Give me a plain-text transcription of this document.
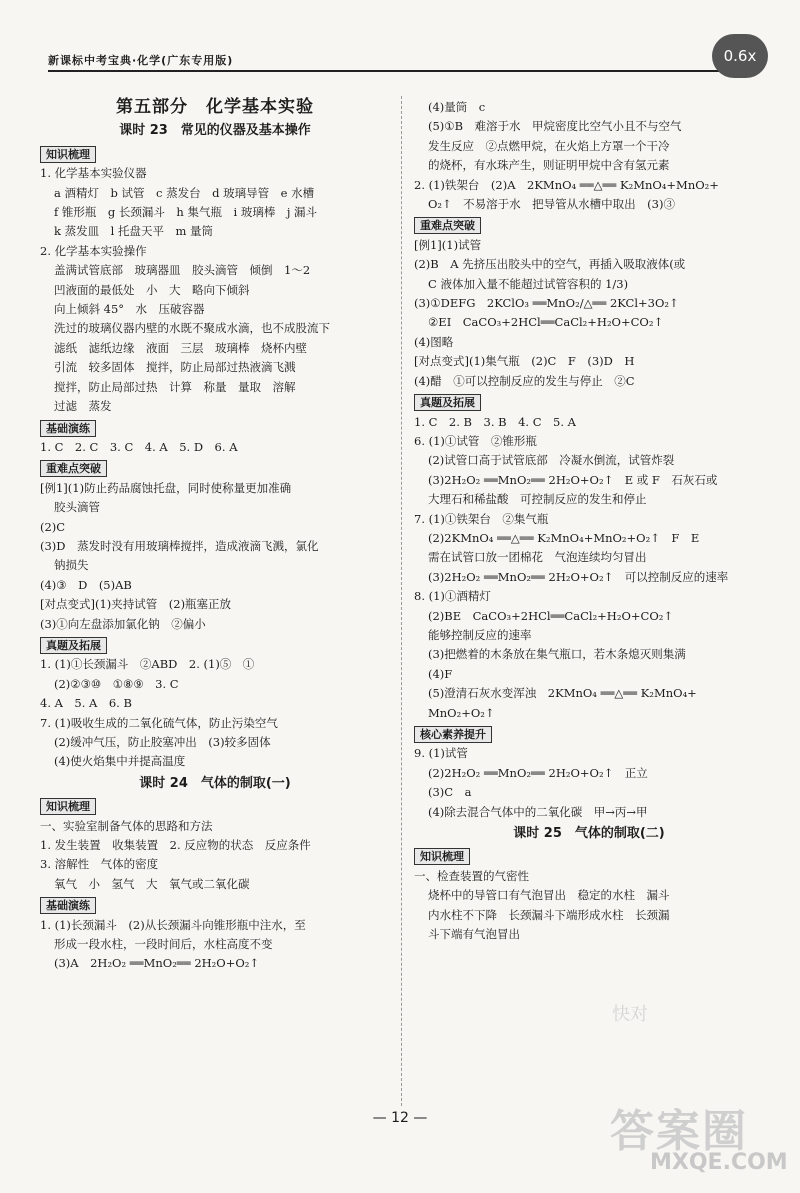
新课标中考宝典·化学(广东专用版)	0.6x
第五部分　化学基本实验
课时 23　常见的仪器及基本操作
知识梳理
1. 化学基本实验仪器
a 酒精灯　b 试管　c 蒸发台　d 玻璃导管　e 水槽
f 锥形瓶　g 长颈漏斗　h 集气瓶　i 玻璃棒　j 漏斗
k 蒸发皿　l 托盘天平　m 量筒
2. 化学基本实验操作
盖满试管底部　玻璃器皿　胶头滴管　倾倒　1～2
凹液面的最低处　小　大　略向下倾斜
向上倾斜 45°　水　压破容器
洗过的玻璃仪器内壁的水既不聚成水滴，也不成股流下
滤纸　滤纸边缘　液面　三层　玻璃棒　烧杯内壁
引流　较多固体　搅拌，防止局部过热液滴飞溅
搅拌，防止局部过热　计算　称量　量取　溶解
过滤　蒸发
基础演练
1. C　2. C　3. C　4. A　5. D　6. A
重难点突破
[例1](1)防止药品腐蚀托盘，同时使称量更加准确
胶头滴管
(2)C
(3)D　蒸发时没有用玻璃棒搅拌，造成液滴飞溅，氯化
钠损失
(4)③　D　(5)AB
[对点变式](1)夹持试管　(2)瓶塞正放
(3)①向左盘添加氯化钠　②偏小
真题及拓展
1. (1)①长颈漏斗　②ABD　2. (1)⑤　①
(2)②③⑩　①⑧⑨　3. C
4. A　5. A　6. B
7. (1)吸收生成的二氧化硫气体，防止污染空气
(2)缓冲气压，防止胶塞冲出　(3)较多固体
(4)使火焰集中并提高温度
课时 24　气体的制取(一)
知识梳理
一、实验室制备气体的思路和方法
1. 发生装置　收集装置　2. 反应物的状态　反应条件
3. 溶解性　气体的密度
氧气　小　氢气　大　氧气或二氧化碳
基础演练
1. (1)长颈漏斗　(2)从长颈漏斗向锥形瓶中注水，至
形成一段水柱，一段时间后，水柱高度不变
(3)A　2H₂O₂ ══MnO₂══ 2H₂O+O₂↑
(4)量筒　c
(5)①B　难溶于水　甲烷密度比空气小且不与空气
发生反应　②点燃甲烷，在火焰上方罩一个干冷
的烧杯，有水珠产生，则证明甲烷中含有氢元素
2. (1)铁架台　(2)A　2KMnO₄ ══△══ K₂MnO₄+MnO₂+
O₂↑　不易溶于水　把导管从水槽中取出　(3)③
重难点突破
[例1](1)试管
(2)B　A 先挤压出胶头中的空气，再插入吸取液体(或
C 液体加入量不能超过试管容积的 1/3)
(3)①DEFG　2KClO₃ ══MnO₂/△══ 2KCl+3O₂↑
②EI　CaCO₃+2HCl══CaCl₂+H₂O+CO₂↑
(4)图略
[对点变式](1)集气瓶　(2)C　F　(3)D　H
(4)醋　①可以控制反应的发生与停止　②C
真题及拓展
1. C　2. B　3. B　4. C　5. A
6. (1)①试管　②锥形瓶
(2)试管口高于试管底部　冷凝水倒流，试管炸裂
(3)2H₂O₂ ══MnO₂══ 2H₂O+O₂↑　E 或 F　石灰石或
大理石和稀盐酸　可控制反应的发生和停止
7. (1)①铁架台　②集气瓶
(2)2KMnO₄ ══△══ K₂MnO₄+MnO₂+O₂↑　F　E
需在试管口放一团棉花　气泡连续均匀冒出
(3)2H₂O₂ ══MnO₂══ 2H₂O+O₂↑　可以控制反应的速率
8. (1)①酒精灯
(2)BE　CaCO₃+2HCl══CaCl₂+H₂O+CO₂↑
能够控制反应的速率
(3)把燃着的木条放在集气瓶口，若木条熄灭则集满
(4)F
(5)澄清石灰水变浑浊　2KMnO₄ ══△══ K₂MnO₄+
MnO₂+O₂↑
核心素养提升
9. (1)试管
(2)2H₂O₂ ══MnO₂══ 2H₂O+O₂↑　正立
(3)C　a
(4)除去混合气体中的二氧化碳　甲→丙→甲
课时 25　气体的制取(二)
知识梳理
一、检查装置的气密性
烧杯中的导管口有气泡冒出　稳定的水柱　漏斗
内水柱不下降　长颈漏斗下端形成水柱　长颈漏
斗下端有气泡冒出
— 12 —
快对
答案圈
MXQE.COM
